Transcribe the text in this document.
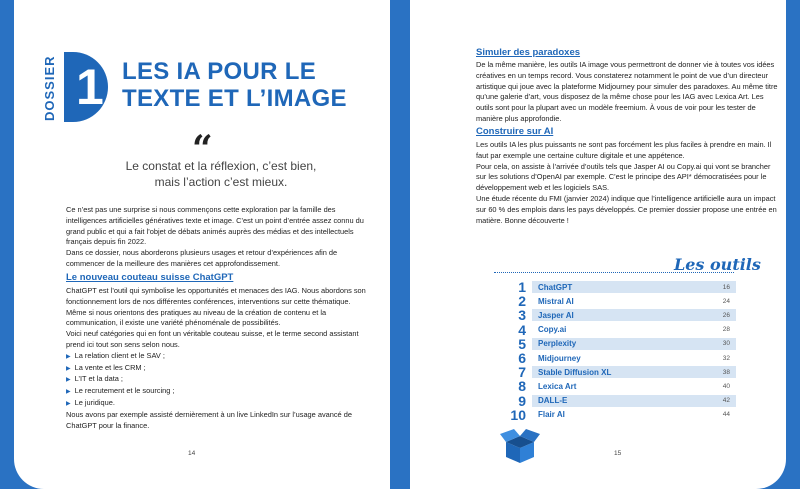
DOSSIER 1 LES IA POUR LE
TEXTE ET L’IMAGE
“
Le constat et la réflexion, c’est bien,
mais l’action c’est mieux.

Ce n’est pas une surprise si nous commençons cette exploration par la famille des intelligences artificielles génératives texte et image. C’est un point d’entrée assez connu du grand public et qui a fait l’objet de débats animés auprès des médias et des intellectuels français depuis fin 2022.

Dans ce dossier, nous aborderons plusieurs usages et retour d’expériences afin de commencer de la meilleure des manières cet approfondissement.

Le nouveau couteau suisse ChatGPT

ChatGPT est l’outil qui symbolise les opportunités et menaces des IAG. Nous abordons son fonctionnement lors de nos différentes conférences, interventions sur cette thématique. Même si nous orientons des pratiques au niveau de la création de contenu et la communication, il existe une variété phénoménale de possibilités.

Voici neuf catégories qui en font un véritable couteau suisse, et le terme second assistant prend ici tout son sens selon nous.

▶ La relation client et le SAV ;
▶ La vente et les CRM ;
▶ L’IT et la data ;
▶ Le recrutement et le sourcing ;
▶ Le juridique.

Nous avons par exemple assisté dernièrement à un live LinkedIn sur l’usage avancé de ChatGPT pour la finance.

14
Simuler des paradoxes

De la même manière, les outils IA image vous permettront de donner vie à toutes vos idées créatives en un temps record. Vous constaterez notamment le point de vue d’un directeur artistique qui joue avec la plateforme Midjourney pour simuler des paradoxes. Au même titre qu’une galerie d’art, vous disposez de la même chose pour les IAG avec Lexica Art. Les outils sont pour la plupart avec un modèle freemium. À vous de voir pour les tester de manière plus approfondie.

Construire sur AI

Les outils IA les plus puissants ne sont pas forcément les plus faciles à prendre en main. Il faut par exemple une certaine culture digitale et une appétence.

Pour cela, on assiste à l’arrivée d’outils tels que Jasper AI ou Copy.ai qui vont se brancher sur les solutions d’OpenAI par exemple. C’est le principe des API* démocratisées pour le développement web et les logiciels SAS.

Une étude récente du FMI (janvier 2024) indique que l’intelligence artificielle aura un impact sur 60 % des emplois dans les pays développés. Ce premier dossier propose une entrée en matière. Bonne découverte !

Les outils
1	ChatGPT	16
2	Mistral AI	24
3	Jasper AI	26
4	Copy.ai	28
5	Perplexity	30
6	Midjourney	32
7	Stable Diffusion XL	38
8	Lexica Art	40
9	DALL-E	42
10	Flair AI	44
15
